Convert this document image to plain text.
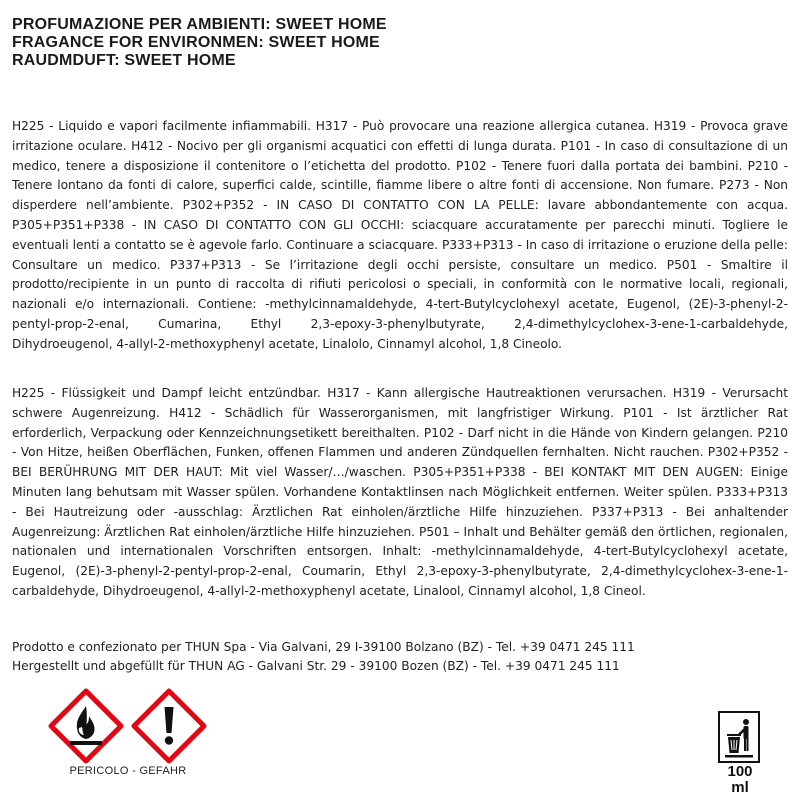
PROFUMAZIONE PER AMBIENTI: SWEET HOME
FRAGANCE FOR ENVIRONMEN: SWEET HOME
RAUDMDUFT: SWEET HOME

H225 - Liquido e vapori facilmente infiammabili. H317 - Può provocare una reazione allergica cutanea. H319 - Provoca grave irritazione oculare. H412 - Nocivo per gli organismi acquatici con effetti di lunga durata. P101 - In caso di consultazione di un medico, tenere a disposizione il contenitore o l’etichetta del prodotto. P102 - Tenere fuori dalla portata dei bambini. P210 - Tenere lontano da fonti di calore, superfici calde, scintille, fiamme libere o altre fonti di accensione. Non fumare. P273 - Non disperdere nell’ambiente. P302+P352 - IN CASO DI CONTATTO CON LA PELLE: lavare abbondantemente con acqua. P305+P351+P338 - IN CASO DI CONTATTO CON GLI OCCHI: sciacquare accuratamente per parecchi minuti. Togliere le eventuali lenti a contatto se è agevole farlo. Continuare a sciacquare. P333+P313 - In caso di irritazione o eruzione della pelle: Consultare un medico. P337+P313 - Se l’irritazione degli occhi persiste, consultare un medico. P501 - Smaltire il prodotto/recipiente in un punto di raccolta di rifiuti pericolosi o speciali, in conformità con le normative locali, regionali, nazionali e/o internazionali. Contiene: -methylcinnamaldehyde, 4-tert-Butylcyclohexyl acetate, Eugenol, (2E)-3-phenyl-2-pentyl-prop-2-enal, Cumarina, Ethyl 2,3-epoxy-3-phenylbutyrate, 2,4-dimethylcyclohex-3-ene-1-carbaldehyde, Dihydroeugenol, 4-allyl-2-methoxyphenyl acetate, Linalolo, Cinnamyl alcohol, 1,8 Cineolo.

H225 - Flüssigkeit und Dampf leicht entzündbar. H317 - Kann allergische Hautreaktionen verursachen. H319 - Verursacht schwere Augenreizung. H412 - Schädlich für Wasserorganismen, mit langfristiger Wirkung. P101 - Ist ärztlicher Rat erforderlich, Verpackung oder Kennzeichnungsetikett bereithalten. P102 - Darf nicht in die Hände von Kindern gelangen. P210 - Von Hitze, heißen Oberflächen, Funken, offenen Flammen und anderen Zündquellen fernhalten. Nicht rauchen. P302+P352 - BEI BERÜHRUNG MIT DER HAUT: Mit viel Wasser/…/waschen. P305+P351+P338 - BEI KONTAKT MIT DEN AUGEN: Einige Minuten lang behutsam mit Wasser spülen. Vorhandene Kontaktlinsen nach Möglichkeit entfernen. Weiter spülen. P333+P313 - Bei Hautreizung oder -ausschlag: Ärztlichen Rat einholen/ärztliche Hilfe hinzuziehen. P337+P313 - Bei anhaltender Augenreizung: Ärztlichen Rat einholen/ärztliche Hilfe hinzuziehen. P501 – Inhalt und Behälter gemäß den örtlichen, regionalen, nationalen und internationalen Vorschriften entsorgen. Inhalt: -methylcinnamaldehyde, 4-tert-Butylcyclohexyl acetate, Eugenol, (2E)-3-phenyl-2-pentyl-prop-2-enal, Coumarin, Ethyl 2,3-epoxy-3-phenylbutyrate, 2,4-dimethylcyclohex-3-ene-1-carbaldehyde, Dihydroeugenol, 4-allyl-2-methoxyphenyl acetate, Linalool, Cinnamyl alcohol, 1,8 Cineol.

Prodotto e confezionato per THUN Spa - Via Galvani, 29 I-39100 Bolzano (BZ) - Tel. +39 0471 245 111
Hergestellt und abgefüllt für THUN AG - Galvani Str. 29 - 39100 Bozen (BZ) - Tel. +39 0471 245 111
PERICOLO - GEFAHR	100
ml
